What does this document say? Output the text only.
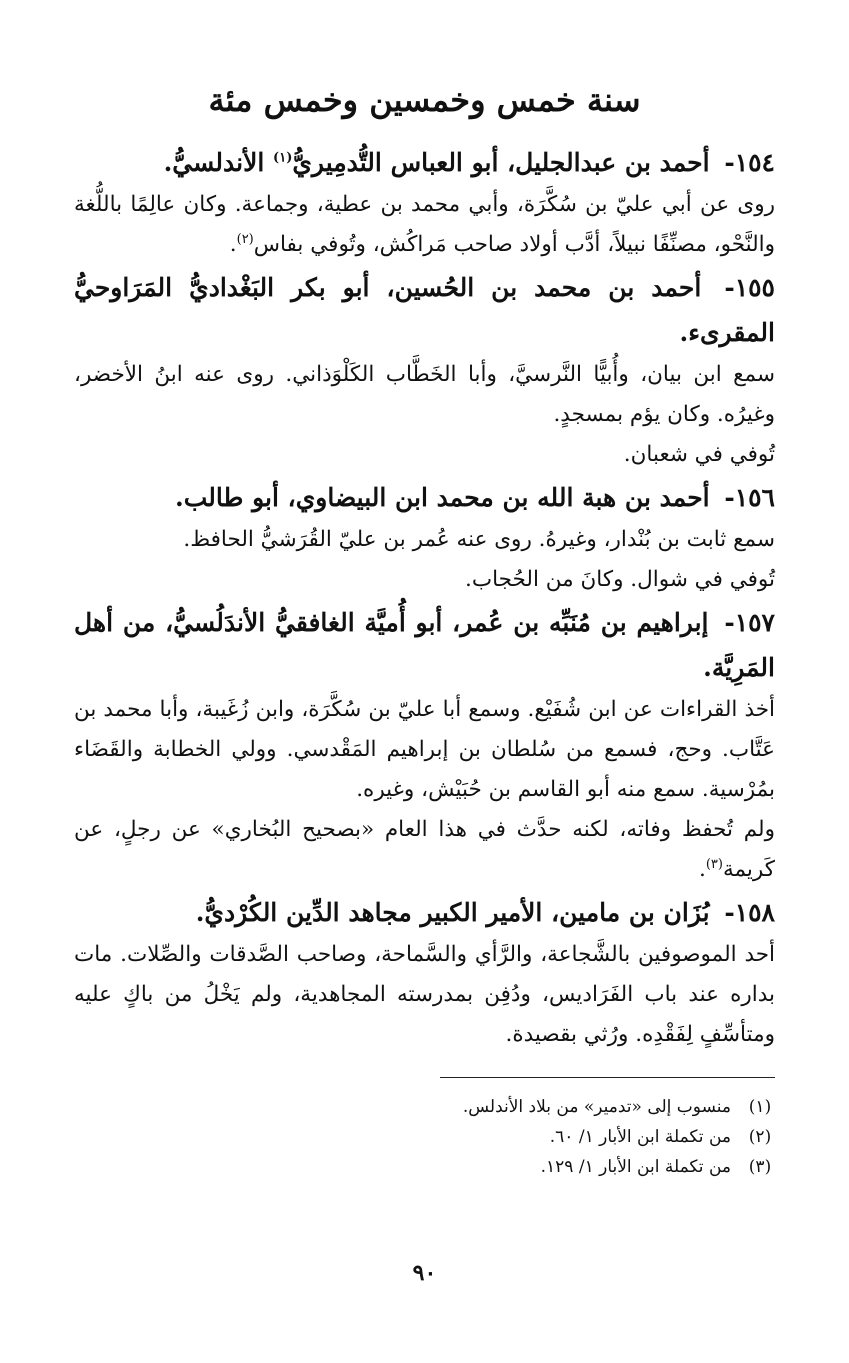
سنة خمس وخمسين وخمس مئة

١٥٤- أحمد بن عبدالجليل، أبو العباس التُّدمِيريُّ$^{(١)}$ الأندلسيُّ.

روى عن أبي عليّ بن سُكَّرَة، وأبي محمد بن عطية، وجماعة. وكان عالِمًا باللُّغة والنَّحْو، مصنِّفًا نبيلاً، أدَّب أولاد صاحب مَراكُش، وتُوفي بفاس$^{(٢)}$.

١٥٥- أحمد بن محمد بن الحُسين، أبو بكر البَغْداديُّ المَرَاوحيُّ المقرىء.

سمع ابن بيان، وأُبيًّا النَّرسيَّ، وأبا الخَطَّاب الكَلْوَذاني. روى عنه ابنُ الأخضر، وغيرُه. وكان يؤم بمسجدٍ.

تُوفي في شعبان.

١٥٦- أحمد بن هبة الله بن محمد ابن البيضاوي، أبو طالب.

سمع ثابت بن بُنْدار، وغيرهُ. روى عنه عُمر بن عليّ القُرَشيُّ الحافظ.

تُوفي في شوال. وكانَ من الحُجاب.

١٥٧- إبراهيم بن مُنَبِّه بن عُمر، أبو أُميَّة الغافقيُّ الأندَلُسيُّ، من أهل المَرِيَّة.

أخذ القراءات عن ابن شُفَيْع. وسمع أبا عليّ بن سُكَّرَة، وابن زُغَيبة، وأبا محمد بن عَتَّاب. وحج، فسمع من سُلطان بن إبراهيم المَقْدسي. وولي الخطابة والقَضَاء بمُرْسية. سمع منه أبو القاسم بن حُبَيْش، وغيره.

ولم تُحفظ وفاته، لكنه حدَّث في هذا العام «بصحيح البُخاري» عن رجلٍ، عن كَريمة$^{(٣)}$.

١٥٨- بُزَان بن مامين، الأمير الكبير مجاهد الدِّين الكُرْديُّ.

أحد الموصوفين بالشَّجاعة، والرَّأي والسَّماحة، وصاحب الصَّدقات والصِّلات. مات بداره عند باب الفَرَاديس، ودُفِن بمدرسته المجاهدية، ولم يَخْلُ من باكٍ عليه ومتأسِّفٍ لِفَقْدِه. ورُثي بقصيدة.

(١)
منسوب إلى «تدمير» من بلاد الأندلس.
(٢)
من تكملة ابن الأبار ١/ ٦٠.
(٣)
من تكملة ابن الأبار ١/ ١٢٩.
٩٠
